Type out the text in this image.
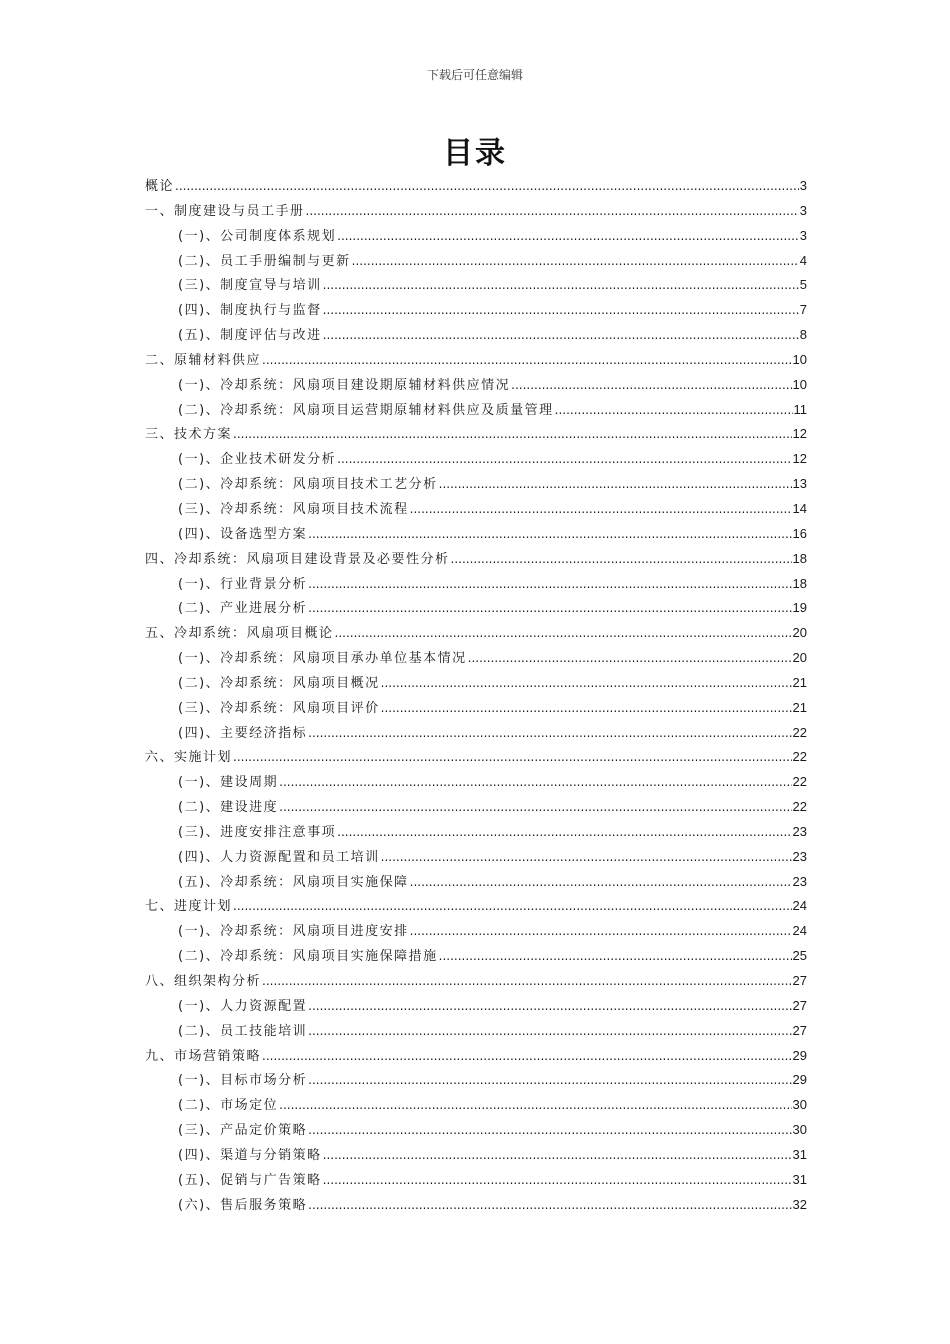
下载后可任意编辑
目录
概论 .....	3
一、制度建设与员工手册 .....	3
(一)、公司制度体系规划 .....	3
(二)、员工手册编制与更新 .....	4
(三)、制度宣导与培训 .....	5
(四)、制度执行与监督 .....	7
(五)、制度评估与改进 .....	8
二、原辅材料供应 .....	10
(一)、冷却系统：风扇项目建设期原辅材料供应情况 .....	10
(二)、冷却系统：风扇项目运营期原辅材料供应及质量管理 .....	11
三、技术方案 .....	12
(一)、企业技术研发分析 .....	12
(二)、冷却系统：风扇项目技术工艺分析 .....	13
(三)、冷却系统：风扇项目技术流程 .....	14
(四)、设备选型方案 .....	16
四、冷却系统：风扇项目建设背景及必要性分析 .....	18
(一)、行业背景分析 .....	18
(二)、产业进展分析 .....	19
五、冷却系统：风扇项目概论 .....	20
(一)、冷却系统：风扇项目承办单位基本情况 .....	20
(二)、冷却系统：风扇项目概况 .....	21
(三)、冷却系统：风扇项目评价 .....	21
(四)、主要经济指标 .....	22
六、实施计划 .....	22
(一)、建设周期 .....	22
(二)、建设进度 .....	22
(三)、进度安排注意事项 .....	23
(四)、人力资源配置和员工培训 .....	23
(五)、冷却系统：风扇项目实施保障 .....	23
七、进度计划 .....	24
(一)、冷却系统：风扇项目进度安排 .....	24
(二)、冷却系统：风扇项目实施保障措施 .....	25
八、组织架构分析 .....	27
(一)、人力资源配置 .....	27
(二)、员工技能培训 .....	27
九、市场营销策略 .....	29
(一)、目标市场分析 .....	29
(二)、市场定位 .....	30
(三)、产品定价策略 .....	30
(四)、渠道与分销策略 .....	31
(五)、促销与广告策略 .....	31
(六)、售后服务策略 .....	32
